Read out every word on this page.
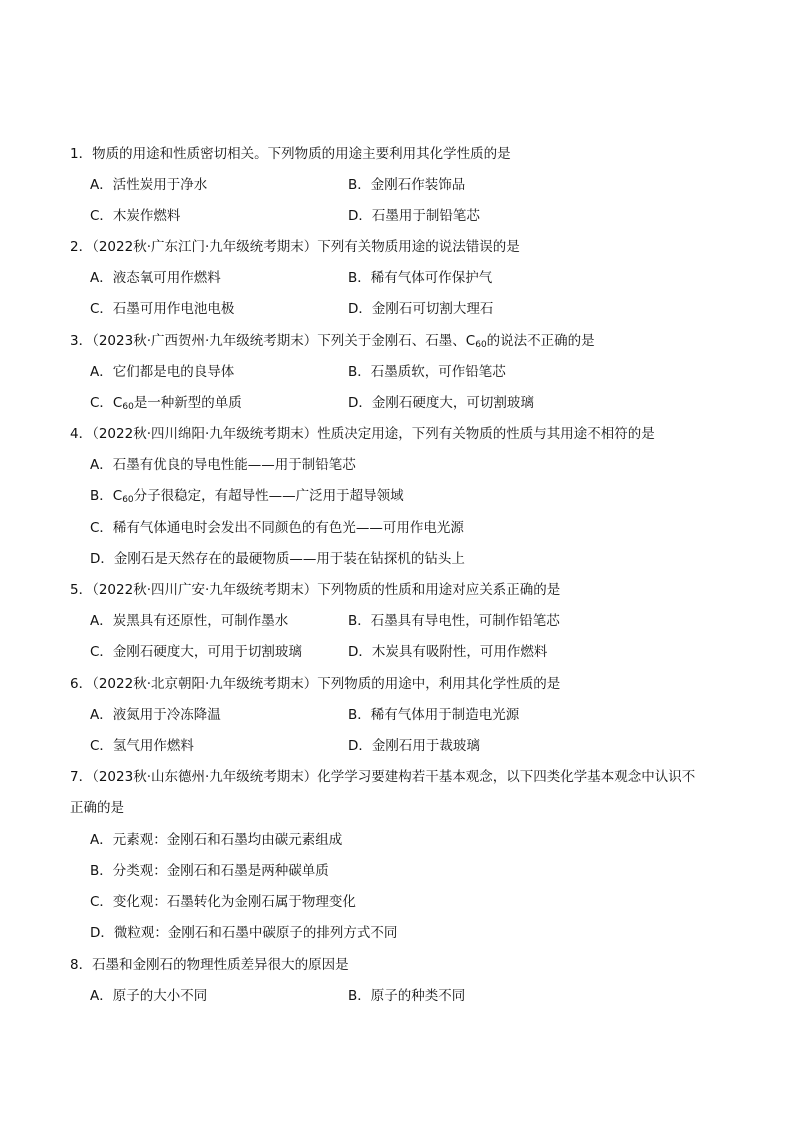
1．物质的用途和性质密切相关。下列物质的用途主要利用其化学性质的是
A．活性炭用于净水	B．金刚石作装饰品
C．木炭作燃料	D．石墨用于制铅笔芯
2．（2022秋·广东江门·九年级统考期末）下列有关物质用途的说法错误的是
A．液态氧可用作燃料	B．稀有气体可作保护气
C．石墨可用作电池电极	D．金刚石可切割大理石
3．（2023秋·广西贺州·九年级统考期末）下列关于金刚石、石墨、$C_{60}$的说法不正确的是
A．它们都是电的良导体	B．石墨质软，可作铅笔芯
C．$C_{60}$是一种新型的单质	D．金刚石硬度大，可切割玻璃
4．（2022秋·四川绵阳·九年级统考期末）性质决定用途，下列有关物质的性质与其用途不相符的是
A．石墨有优良的导电性能——用于制铅笔芯
B．$C_{60}$分子很稳定，有超导性——广泛用于超导领域
C．稀有气体通电时会发出不同颜色的有色光——可用作电光源
D．金刚石是天然存在的最硬物质——用于装在钻探机的钻头上
5．（2022秋·四川广安·九年级统考期末）下列物质的性质和用途对应关系正确的是
A．炭黑具有还原性，可制作墨水	B．石墨具有导电性，可制作铅笔芯
C．金刚石硬度大，可用于切割玻璃	D．木炭具有吸附性，可用作燃料
6．（2022秋·北京朝阳·九年级统考期末）下列物质的用途中，利用其化学性质的是
A．液氮用于冷冻降温	B．稀有气体用于制造电光源
C．氢气用作燃料	D．金刚石用于裁玻璃
7．（2023秋·山东德州·九年级统考期末）化学学习要建构若干基本观念，以下四类化学基本观念中认识不
正确的是
A．元素观：金刚石和石墨均由碳元素组成
B．分类观：金刚石和石墨是两种碳单质
C．变化观：石墨转化为金刚石属于物理变化
D．微粒观：金刚石和石墨中碳原子的排列方式不同
8．石墨和金刚石的物理性质差异很大的原因是
A．原子的大小不同	B．原子的种类不同
